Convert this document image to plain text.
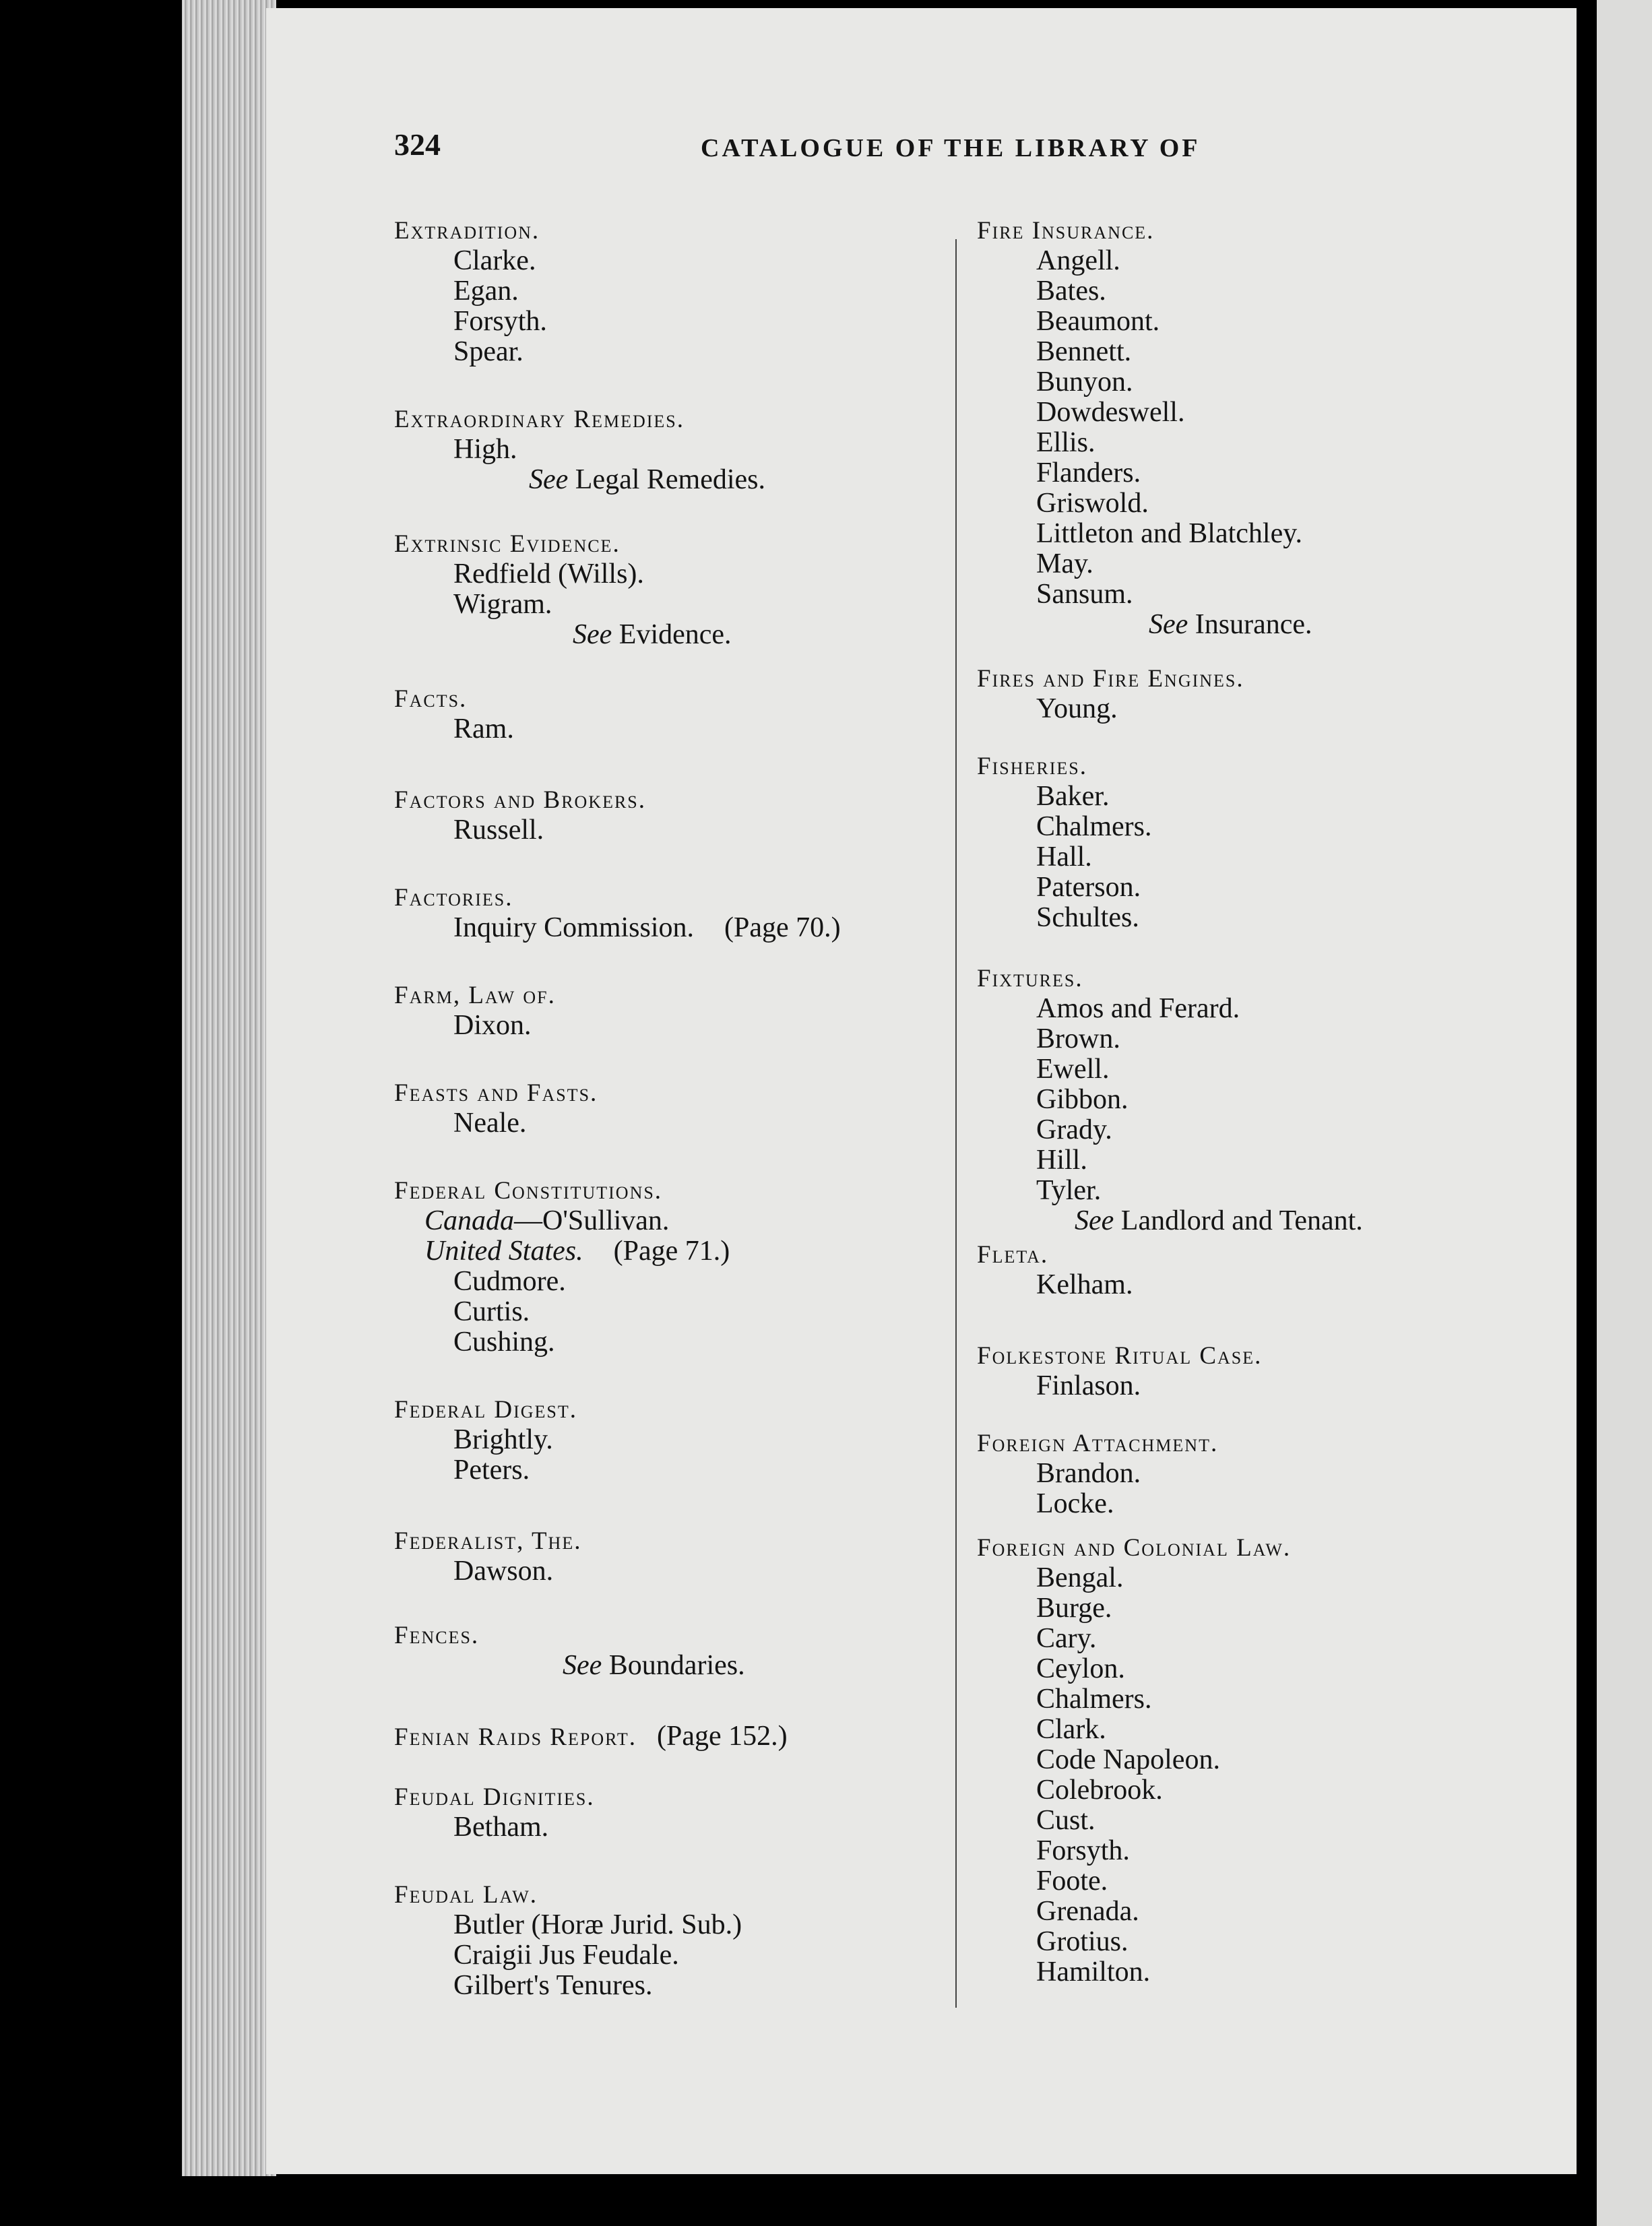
324	CATALOGUE OF THE LIBRARY OF
Extradition.
Clarke.
Egan.
Forsyth.
Spear.
Extraordinary Remedies.
High.
See Legal Remedies.
Extrinsic Evidence.
Redfield (Wills).
Wigram.
See Evidence.
Facts.
Ram.
Factors and Brokers.
Russell.
Factories.
Inquiry Commission. (Page 70.)
Farm, Law of.
Dixon.
Feasts and Fasts.
Neale.
Federal Constitutions.
Canada—O'Sullivan.
United States. (Page 71.)
Cudmore.
Curtis.
Cushing.
Federal Digest.
Brightly.
Peters.
Federalist, The.
Dawson.
Fences.
See Boundaries.
Fenian Raids Report. (Page 152.)
Feudal Dignities.
Betham.
Feudal Law.
Butler (Horæ Jurid. Sub.)
Craigii Jus Feudale.
Gilbert's Tenures.
Fire Insurance.
Angell.
Bates.
Beaumont.
Bennett.
Bunyon.
Dowdeswell.
Ellis.
Flanders.
Griswold.
Littleton and Blatchley.
May.
Sansum.
See Insurance.
Fires and Fire Engines.
Young.
Fisheries.
Baker.
Chalmers.
Hall.
Paterson.
Schultes.
Fixtures.
Amos and Ferard.
Brown.
Ewell.
Gibbon.
Grady.
Hill.
Tyler.
See Landlord and Tenant.
Fleta.
Kelham.
Folkestone Ritual Case.
Finlason.
Foreign Attachment.
Brandon.
Locke.
Foreign and Colonial Law.
Bengal.
Burge.
Cary.
Ceylon.
Chalmers.
Clark.
Code Napoleon.
Colebrook.
Cust.
Forsyth.
Foote.
Grenada.
Grotius.
Hamilton.
